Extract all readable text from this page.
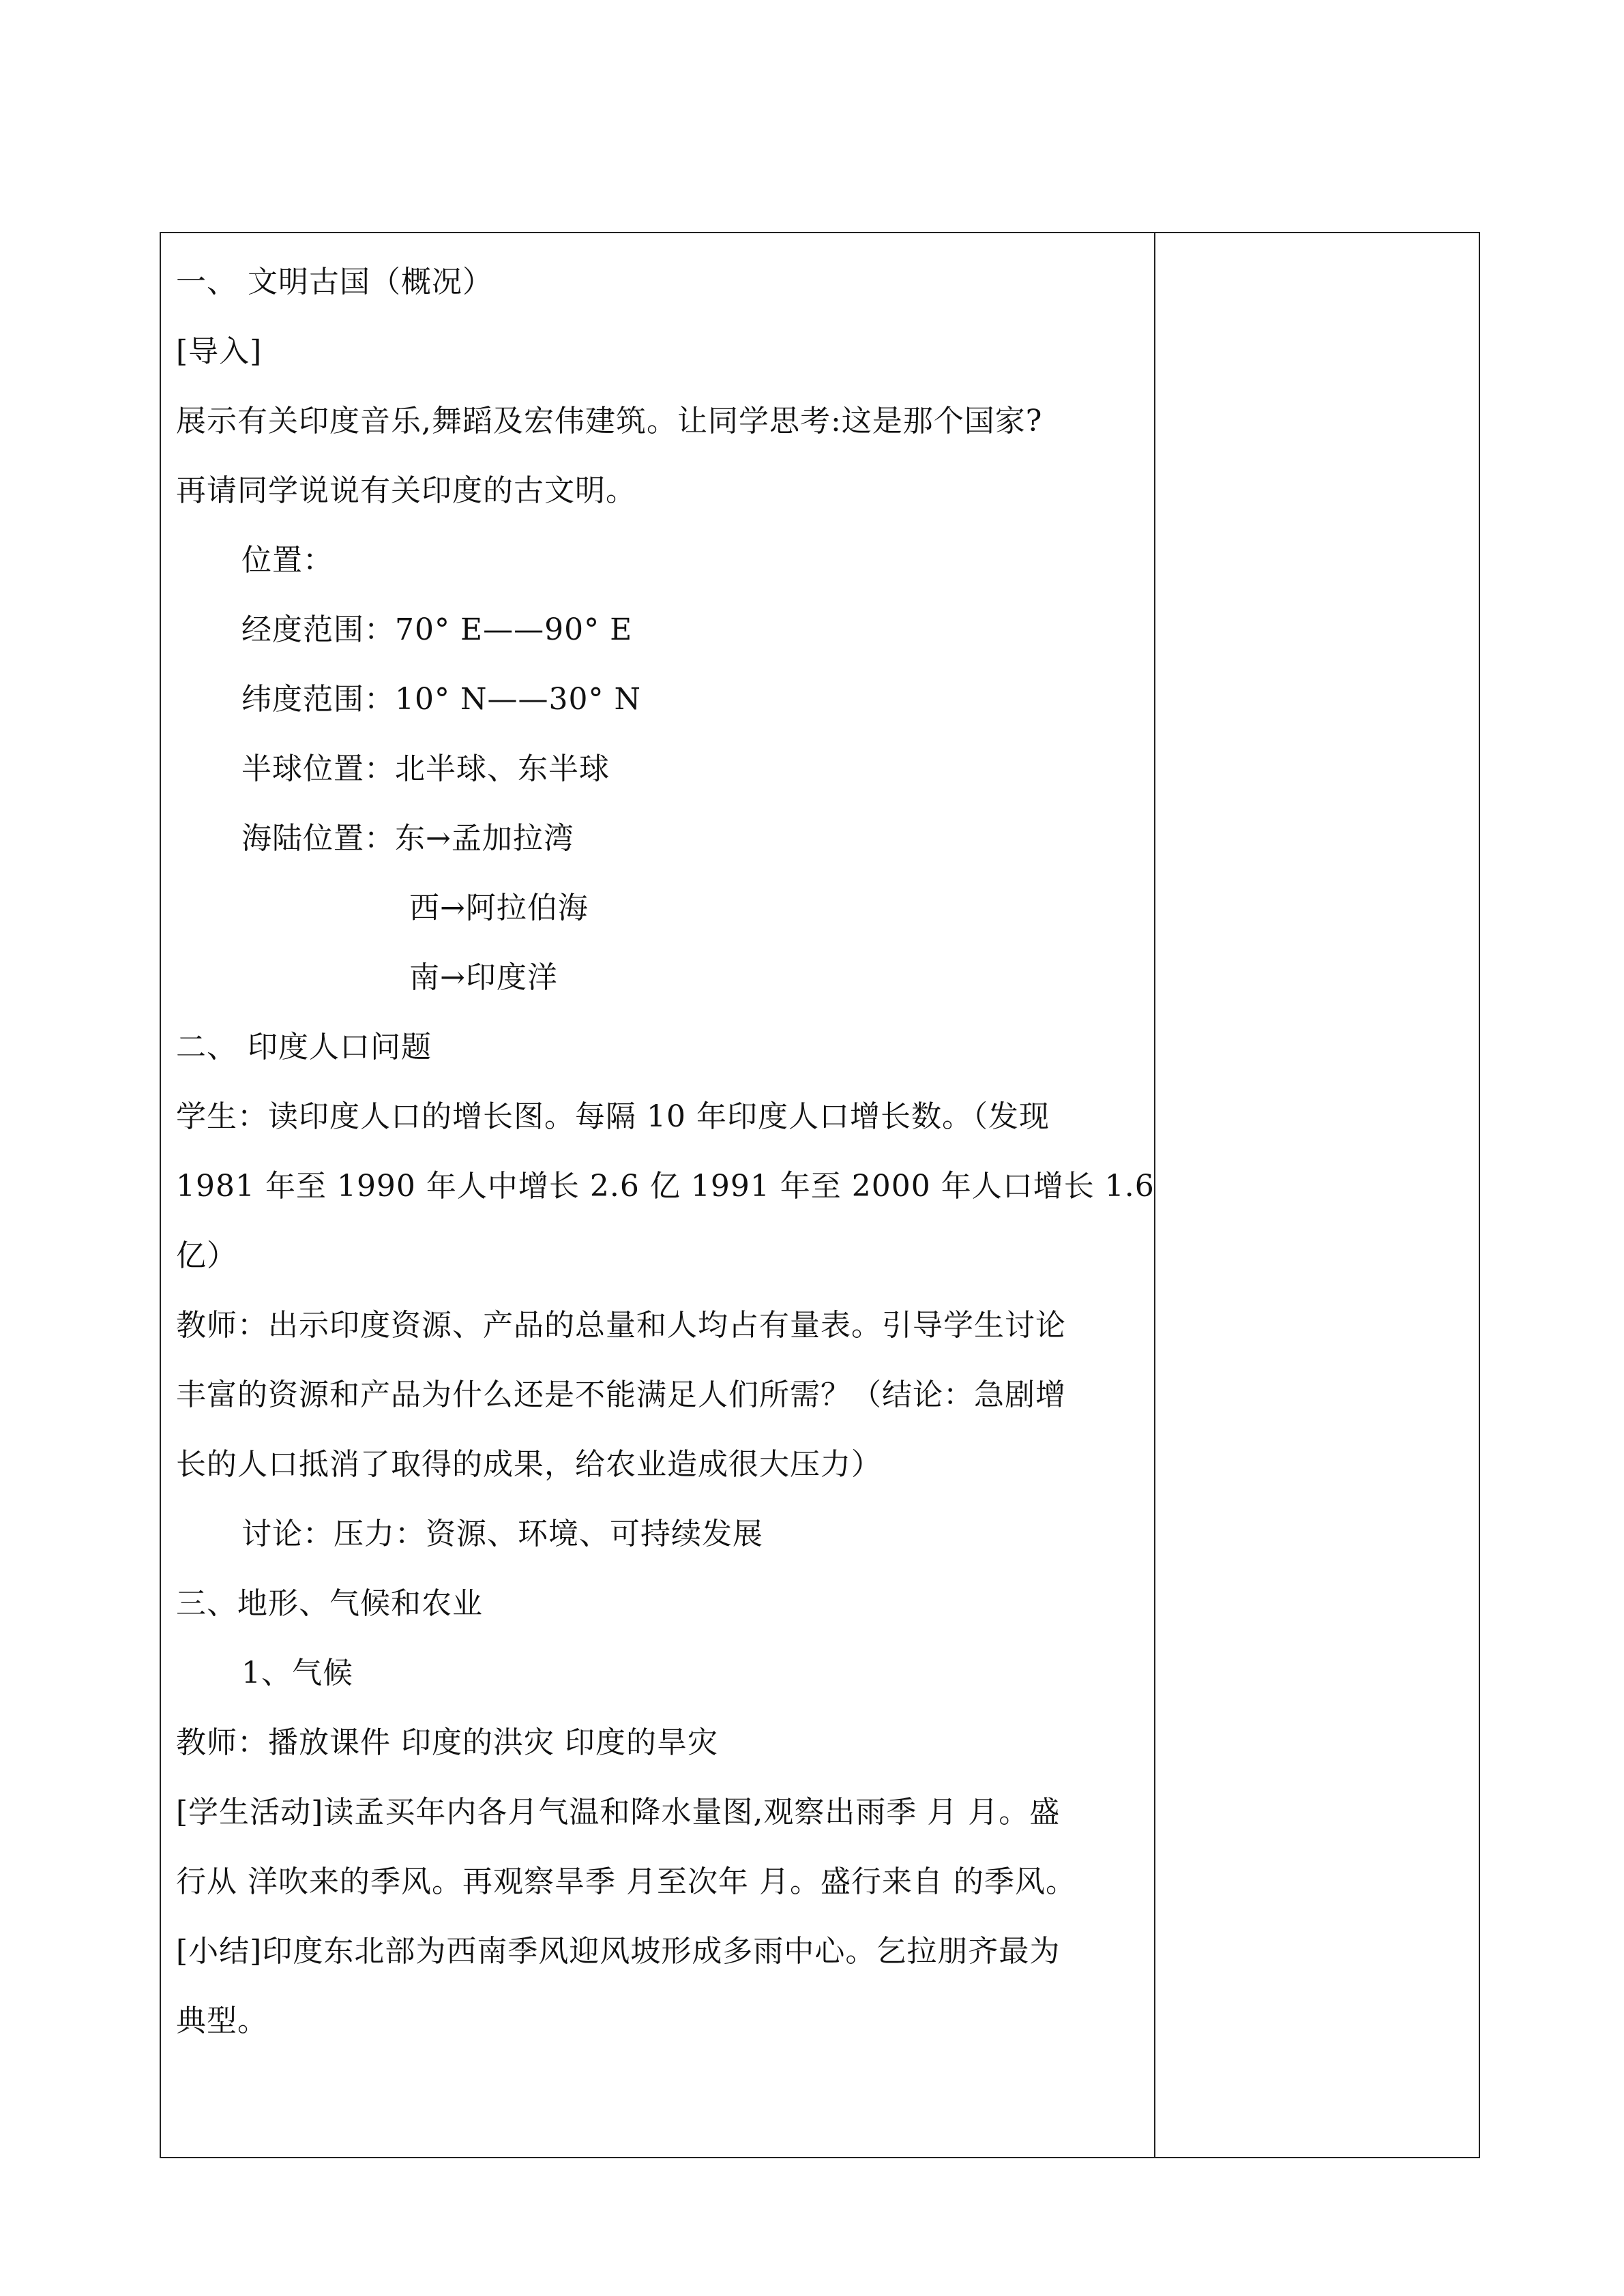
一、 文明古国（概况）
[导入]
展示有关印度音乐,舞蹈及宏伟建筑。让同学思考:这是那个国家?
再请同学说说有关印度的古文明。
位置：
经度范围：70° E——90° E
纬度范围：10° N——30° N
半球位置：北半球、东半球
海陆位置：东→孟加拉湾
西→阿拉伯海
南→印度洋
二、 印度人口问题
学生：读印度人口的增长图。每隔 10 年印度人口增长数。（发现
1981 年至 1990 年人中增长 2.6 亿 1991 年至 2000 年人口增长 1.6
亿）
教师：出示印度资源、产品的总量和人均占有量表。引导学生讨论
丰富的资源和产品为什么还是不能满足人们所需？（结论：急剧增
长的人口抵消了取得的成果，给农业造成很大压力）
讨论：压力：资源、环境、可持续发展
三、地形、气候和农业
1、气候
教师：播放课件 印度的洪灾 印度的旱灾
[学生活动]读孟买年内各月气温和降水量图,观察出雨季 月 月。盛
行从 洋吹来的季风。再观察旱季 月至次年 月。盛行来自 的季风。
[小结]印度东北部为西南季风迎风坡形成多雨中心。乞拉朋齐最为
典型。
